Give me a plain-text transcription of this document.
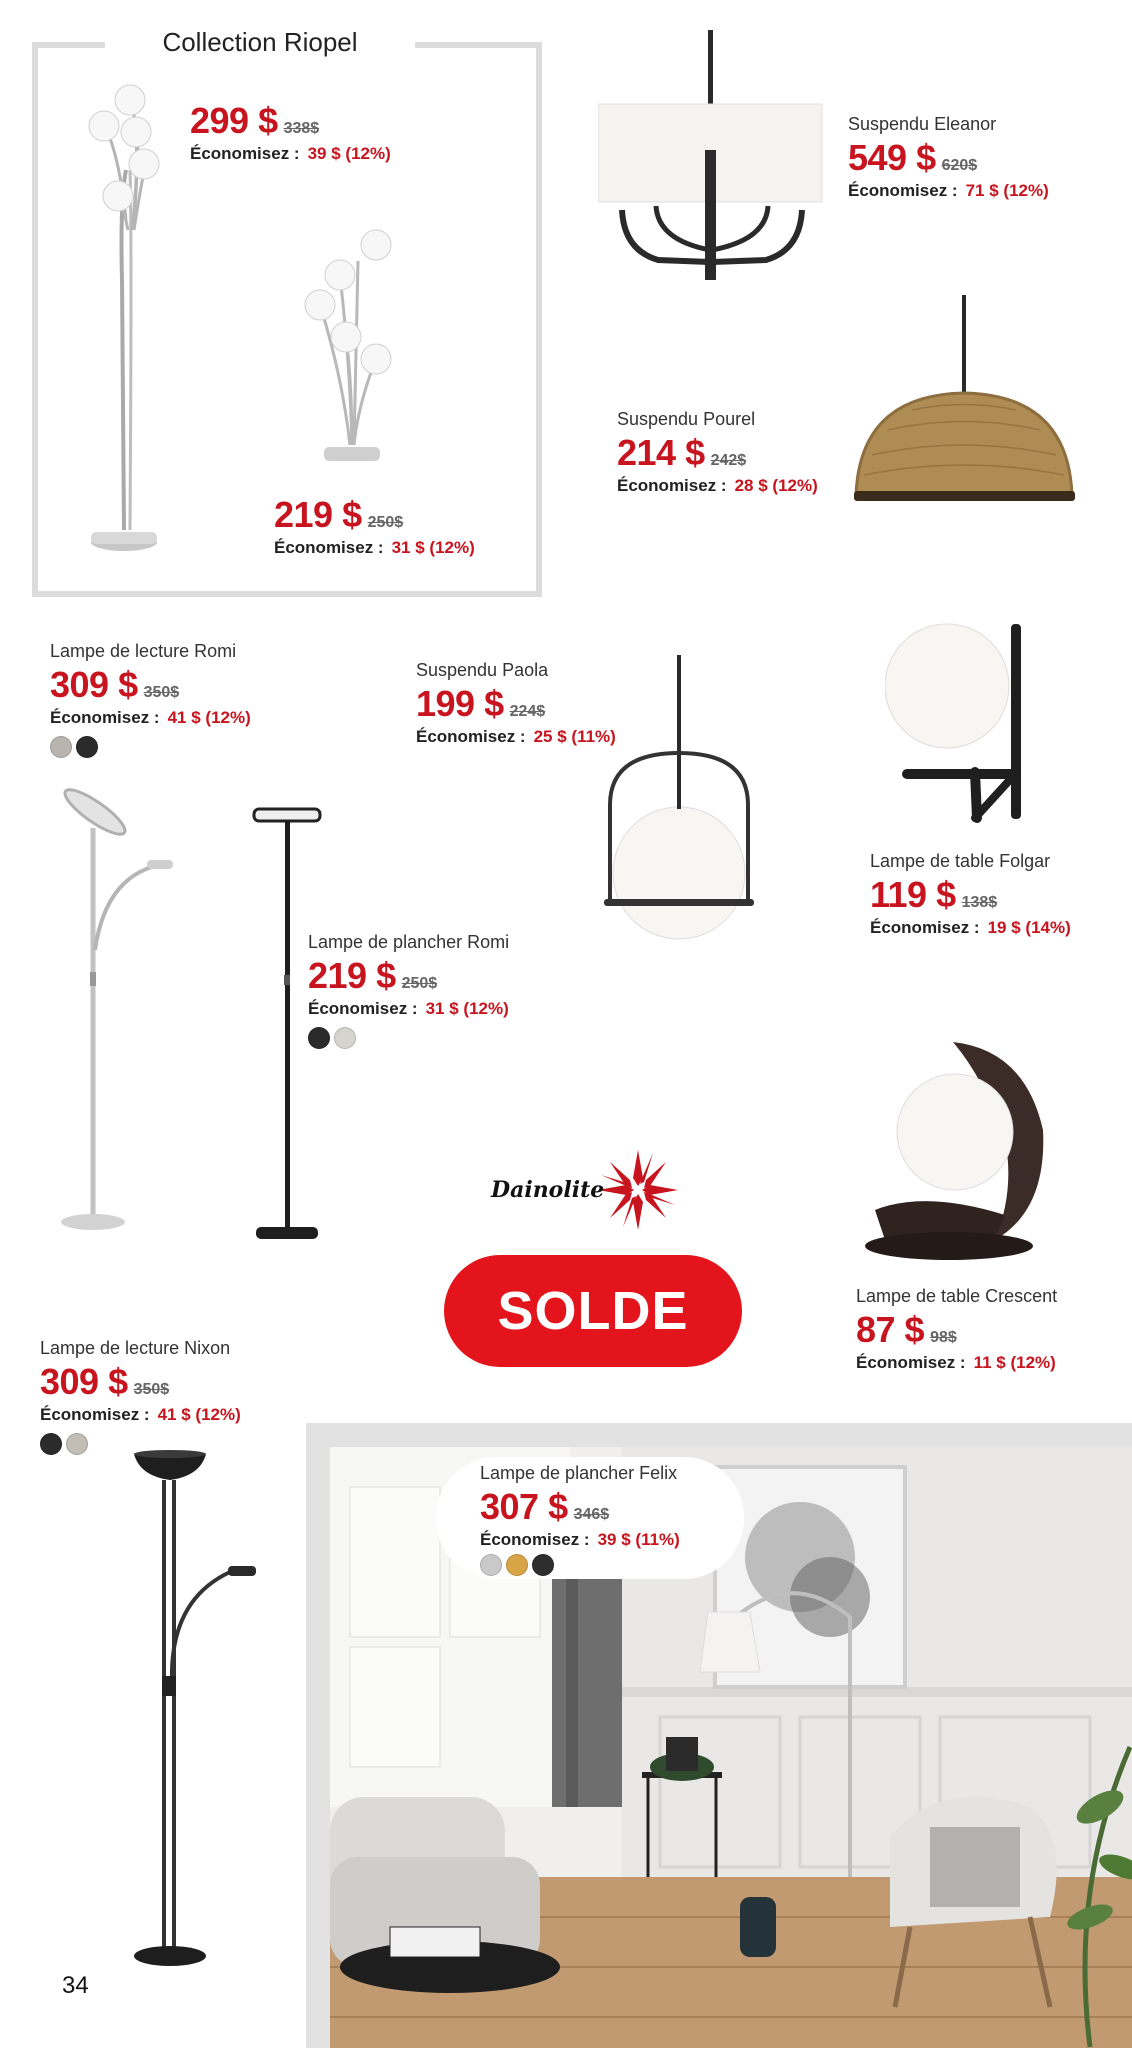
Collection Riopel
299 $ 338$
Économisez : 39 $ (12%)
219 $ 250$
Économisez : 31 $ (12%)
Suspendu Eleanor
549 $ 620$
Économisez : 71 $ (12%)
Suspendu Pourel
214 $ 242$
Économisez : 28 $ (12%)
Lampe de lecture Romi
309 $ 350$
Économisez : 41 $ (12%)
Lampe de plancher Romi
219 $ 250$
Économisez : 31 $ (12%)
Suspendu Paola
199 $ 224$
Économisez : 25 $ (11%)
Lampe de table Folgar
119 $ 138$
Économisez : 19 $ (14%)
Dainolite
SOLDE	Lampe de table Crescent
87 $ 98$
Économisez : 11 $ (12%)
Lampe de lecture Nixon
309 $ 350$
Économisez : 41 $ (12%)
Lampe de plancher Felix
307 $ 346$
Économisez : 39 $ (11%)
34
